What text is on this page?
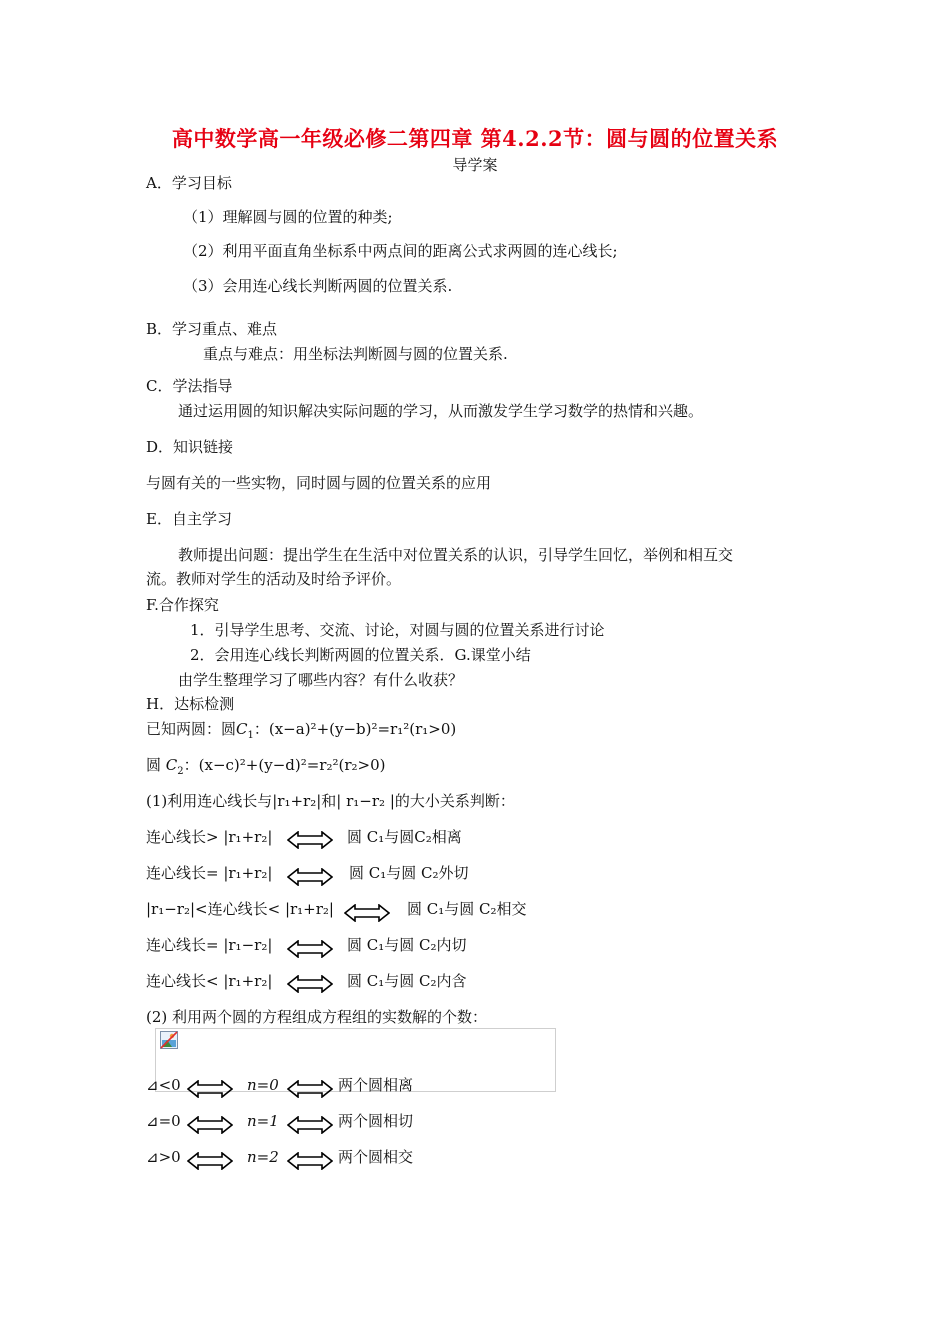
高中数学高一年级必修二第四章 第4.2.2节：圆与圆的位置关系
导学案
A．学习目标
（1）理解圆与圆的位置的种类;
（2）利用平面直角坐标系中两点间的距离公式求两圆的连心线长;
（3）会用连心线长判断两圆的位置关系.
B．学习重点、难点
重点与难点：用坐标法判断圆与圆的位置关系.
C．学法指导
通过运用圆的知识解决实际问题的学习，从而激发学生学习数学的热情和兴趣。
D．知识链接
与圆有关的一些实物，同时圆与圆的位置关系的应用
E．自主学习
教师提出问题：提出学生在生活中对位置关系的认识，引导学生回忆，举例和相互交
流。教师对学生的活动及时给予评价。
F.合作探究
1．引导学生思考、交流、讨论，对圆与圆的位置关系进行讨论
2．会用连心线长判断两圆的位置关系．G.课堂小结
由学生整理学习了哪些内容？有什么收获？
H．达标检测
已知两圆：圆$C_1$：(x−a)²+(y−b)²=r₁²(r₁>0)
圆 $C_2$：(x−c)²+(y−d)²=r₂²(r₂>0)
(1)利用连心线长与|r₁+r₂|和| r₁−r₂ |的大小关系判断：
连心线长> |r₁+r₂|	圆 C₁与圆C₂相离
连心线长= |r₁+r₂|	圆 C₁与圆 C₂外切
|r₁−r₂|<连心线长< |r₁+r₂|	圆 C₁与圆 C₂相交
连心线长= |r₁−r₂|	圆 C₁与圆 C₂内切
连心线长< |r₁+r₂|	圆 C₁与圆 C₂内含
(2) 利用两个圆的方程组成方程组的实数解的个数：
⊿<0	n=0	两个圆相离
⊿=0	n=1	两个圆相切
⊿>0	n=2	两个圆相交
